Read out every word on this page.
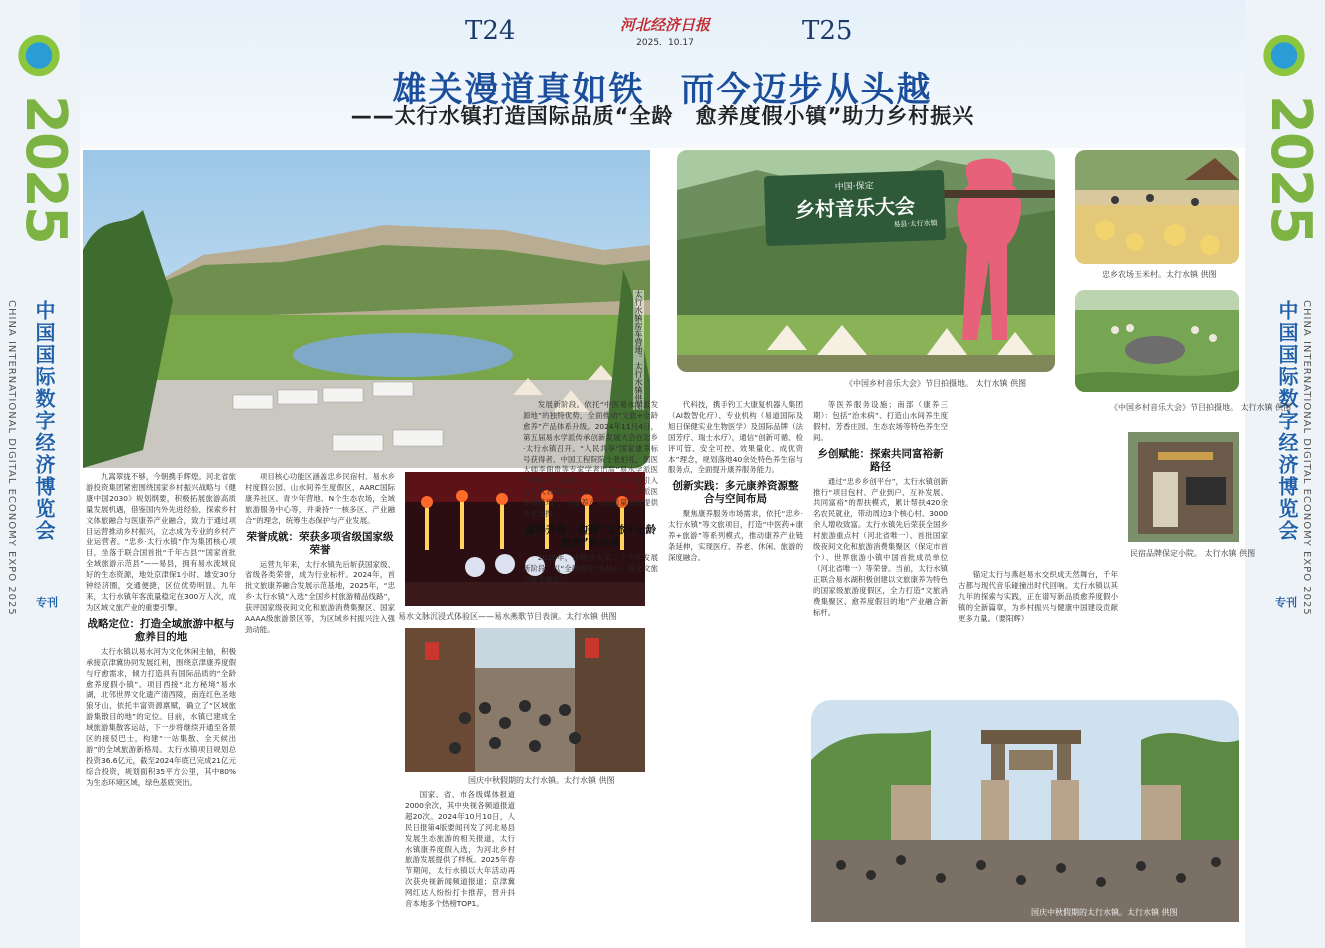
2025
CHINA INTERNATIONAL DIGITAL ECONOMY EXPO 2025 中国国际数字经济博览会
专刊
2025
CHINA INTERNATIONAL DIGITAL ECONOMY EXPO 2025
中国国际数字经济博览会
专刊
T24	T25
河北经济日报
2025．10.17
雄关漫道真如铁　而今迈步从头越
——太行水镇打造国际品质“全龄　愈养度假小镇”助力乡村振兴
太行水镇房车营地。太行水镇供图
中国·保定
乡村音乐大会
易县·太行水镇
《中国乡村音乐大会》节目拍摄地。 太行水镇 供图
忠乡农场玉米村。太行水镇 供图
《中国乡村音乐大会》节目拍摄地。 太行水镇 供图
民宿品牌保定小院。 太行水镇 供图
易水文脉沉浸式体验区——易水燕歌节目表演。太行水镇 供图
国庆中秋假期的太行水镇。太行水镇 供图
国庆中秋假期的太行水镇。太行水镇 供图

九嵩翠拢不够，今朝携手辉煌。河北省旅游投资集团紧密围绕国家乡村振兴战略与《健康中国2030》规划纲要，积极拓展旅游高质量发展机遇，借鉴国内外先进经验，探索乡村文体旅融合与医康养产业融合，致力于通过项目运营推动乡村振兴，立志成为专业的乡村产业运营者。“忠乡·太行水镇”作为集团核心项目，坐落于联合国首批“千年古县”“国家首批全域旅游示范县”——易县，拥有易水流域良好的生态资源，地处京津保1小时、雄安30分钟经济圈，交通便捷，区位优势明显。九年来，太行水镇年客流量稳定在300万人次，成为区域文旅产业的重要引擎。

战略定位：打造全域旅游中枢与愈养目的地

太行水镇以易水河为文化休闲主轴，积极承接京津冀协同发展红利，围绕京津康养度假与疗愈需求，倾力打造具有国际品质的“全龄愈养度假小镇”。项目西接“北方秘境”易水湖，北邻世界文化遗产清西陵，南连红色圣地狼牙山，依托丰富资源禀赋，确立了“区域旅游集散目的地”的定位。目前，水镇已建成全域旅游集散客运站，下一步将继续开通至各景区的接驳巴士，构建“一站集散、全天候出游”的全域旅游新格局。太行水镇项目规划总投资36.6亿元，截至2024年底已完成21亿元综合投资，规划面积35平方公里，其中80%为生态环境区域，绿色基底突出。

项目核心功能区涵盖忠乡民宿村、易水乡村度假公园、山水间养生度假区、AARC国际康养社区、青少年营地、N个生态农场，全域旅游服务中心等，并秉持“一核多区、产业融合”的理念，统筹生态保护与产业发展。

荣誉成就：荣获多项省级国家级荣誉

运营九年来，太行水镇先后斩获国家级、省级各类荣誉，成为行业标杆。2024年，首批文旅康养融合发展示范基地，2025年，“忠乡·太行水镇”入选“全国乡村旅游精品线路”，获评国家级夜间文化和旅游消费集聚区、国家AAAA级旅游景区等，为区域乡村振兴注入强劲动能。

国家、省、市各级媒体报道2000余次，其中央视各频道报道超20次。2024年10月10日，人民日报第4版要闻刊发了河北易县发展生态旅游的相关报道，太行水镇康养度假入选，为河北乡村旅游发展提供了样板。2025年春节期间，太行水镇以大年活动再次获央视新闻频道报道；京津冀网红达人纷纷打卡推荐，晋升抖音本地多个热榜TOP1。

发展新阶段。依托“中医易水学派发源地”的独特优势，全面推动“文旅+全龄愈养”产品体系升级。2024年11月4日，第五届易水学派传承创新发展大会在忠乡·太行水镇召开。“人民共享”国家康养标号获得者、中国工程院院士张伯礼，国医大师李佃贵等专家学者出席“易水学派医养康基地”启动仪式。太行水镇积极引入院士代表的医疗资源，打造“易水学派医养康基地”，为康养产业高质量发展提供专业支撑。

康养升级：构建“文旅+全龄愈养”新体系

2025年，水镇步入第二个十年发展新阶段，以“全龄愈养”为核心，深化文旅与康养融合。

代科技，携手钓工大康复机器人集团（AI数智化疗）、专业机构（易道国际及旭日保健实业生物医学）及国际品牌（法国芳疗、瑞士水疗），通信“创新可循、检评可管、安全可控、效果量化、成优资本”理念，规划落地40余处特色养生宿与服务点，全面提升康养服务能力。

创新实践：多元康养资源整合与空间布局

聚焦康养服务市场需求，依托“忠乡·太行水镇”等文旅项目，打造“中医药+康养+旅游”等系列模式，推动康养产业链条延伸，实现医疗、养老、休闲、旅游的深度融合。

等医养服务设施；南部（康养三期）：包括“治未病”、打造山水间养生度假村、芳香庄园、生态农场等特色养生空间。

乡创赋能：探索共同富裕新路径

通过“忠乡乡创平台”，太行水镇创新推行“项目包村、产业到户、互补发展、共同富裕”的帮扶模式，累计帮扶420余名农民就业，带动周边3个核心村、3000余人增收致富。太行水镇先后荣获全国乡村旅游重点村（河北省唯一）、首批国家级夜间文化和旅游消费集聚区（保定市首个）、世界旅游小镇中国首批成员单位（河北省唯一）等荣誉。当前，太行水镇正联合易水湖积极创建以文旅康养为特色的国家级旅游度假区，全力打造“文旅消费集聚区、愈养度假目的地”产业融合新标杆。

锚定太行与燕赵易水交织成天然舞台，千年古都与现代音乐碰撞出时代回响。太行水镇以其九年的探索与实践，正在谱写新品质愈养度假小镇的全新篇章，为乡村振兴与健康中国建设贡献更多力量。（要阳辉）
